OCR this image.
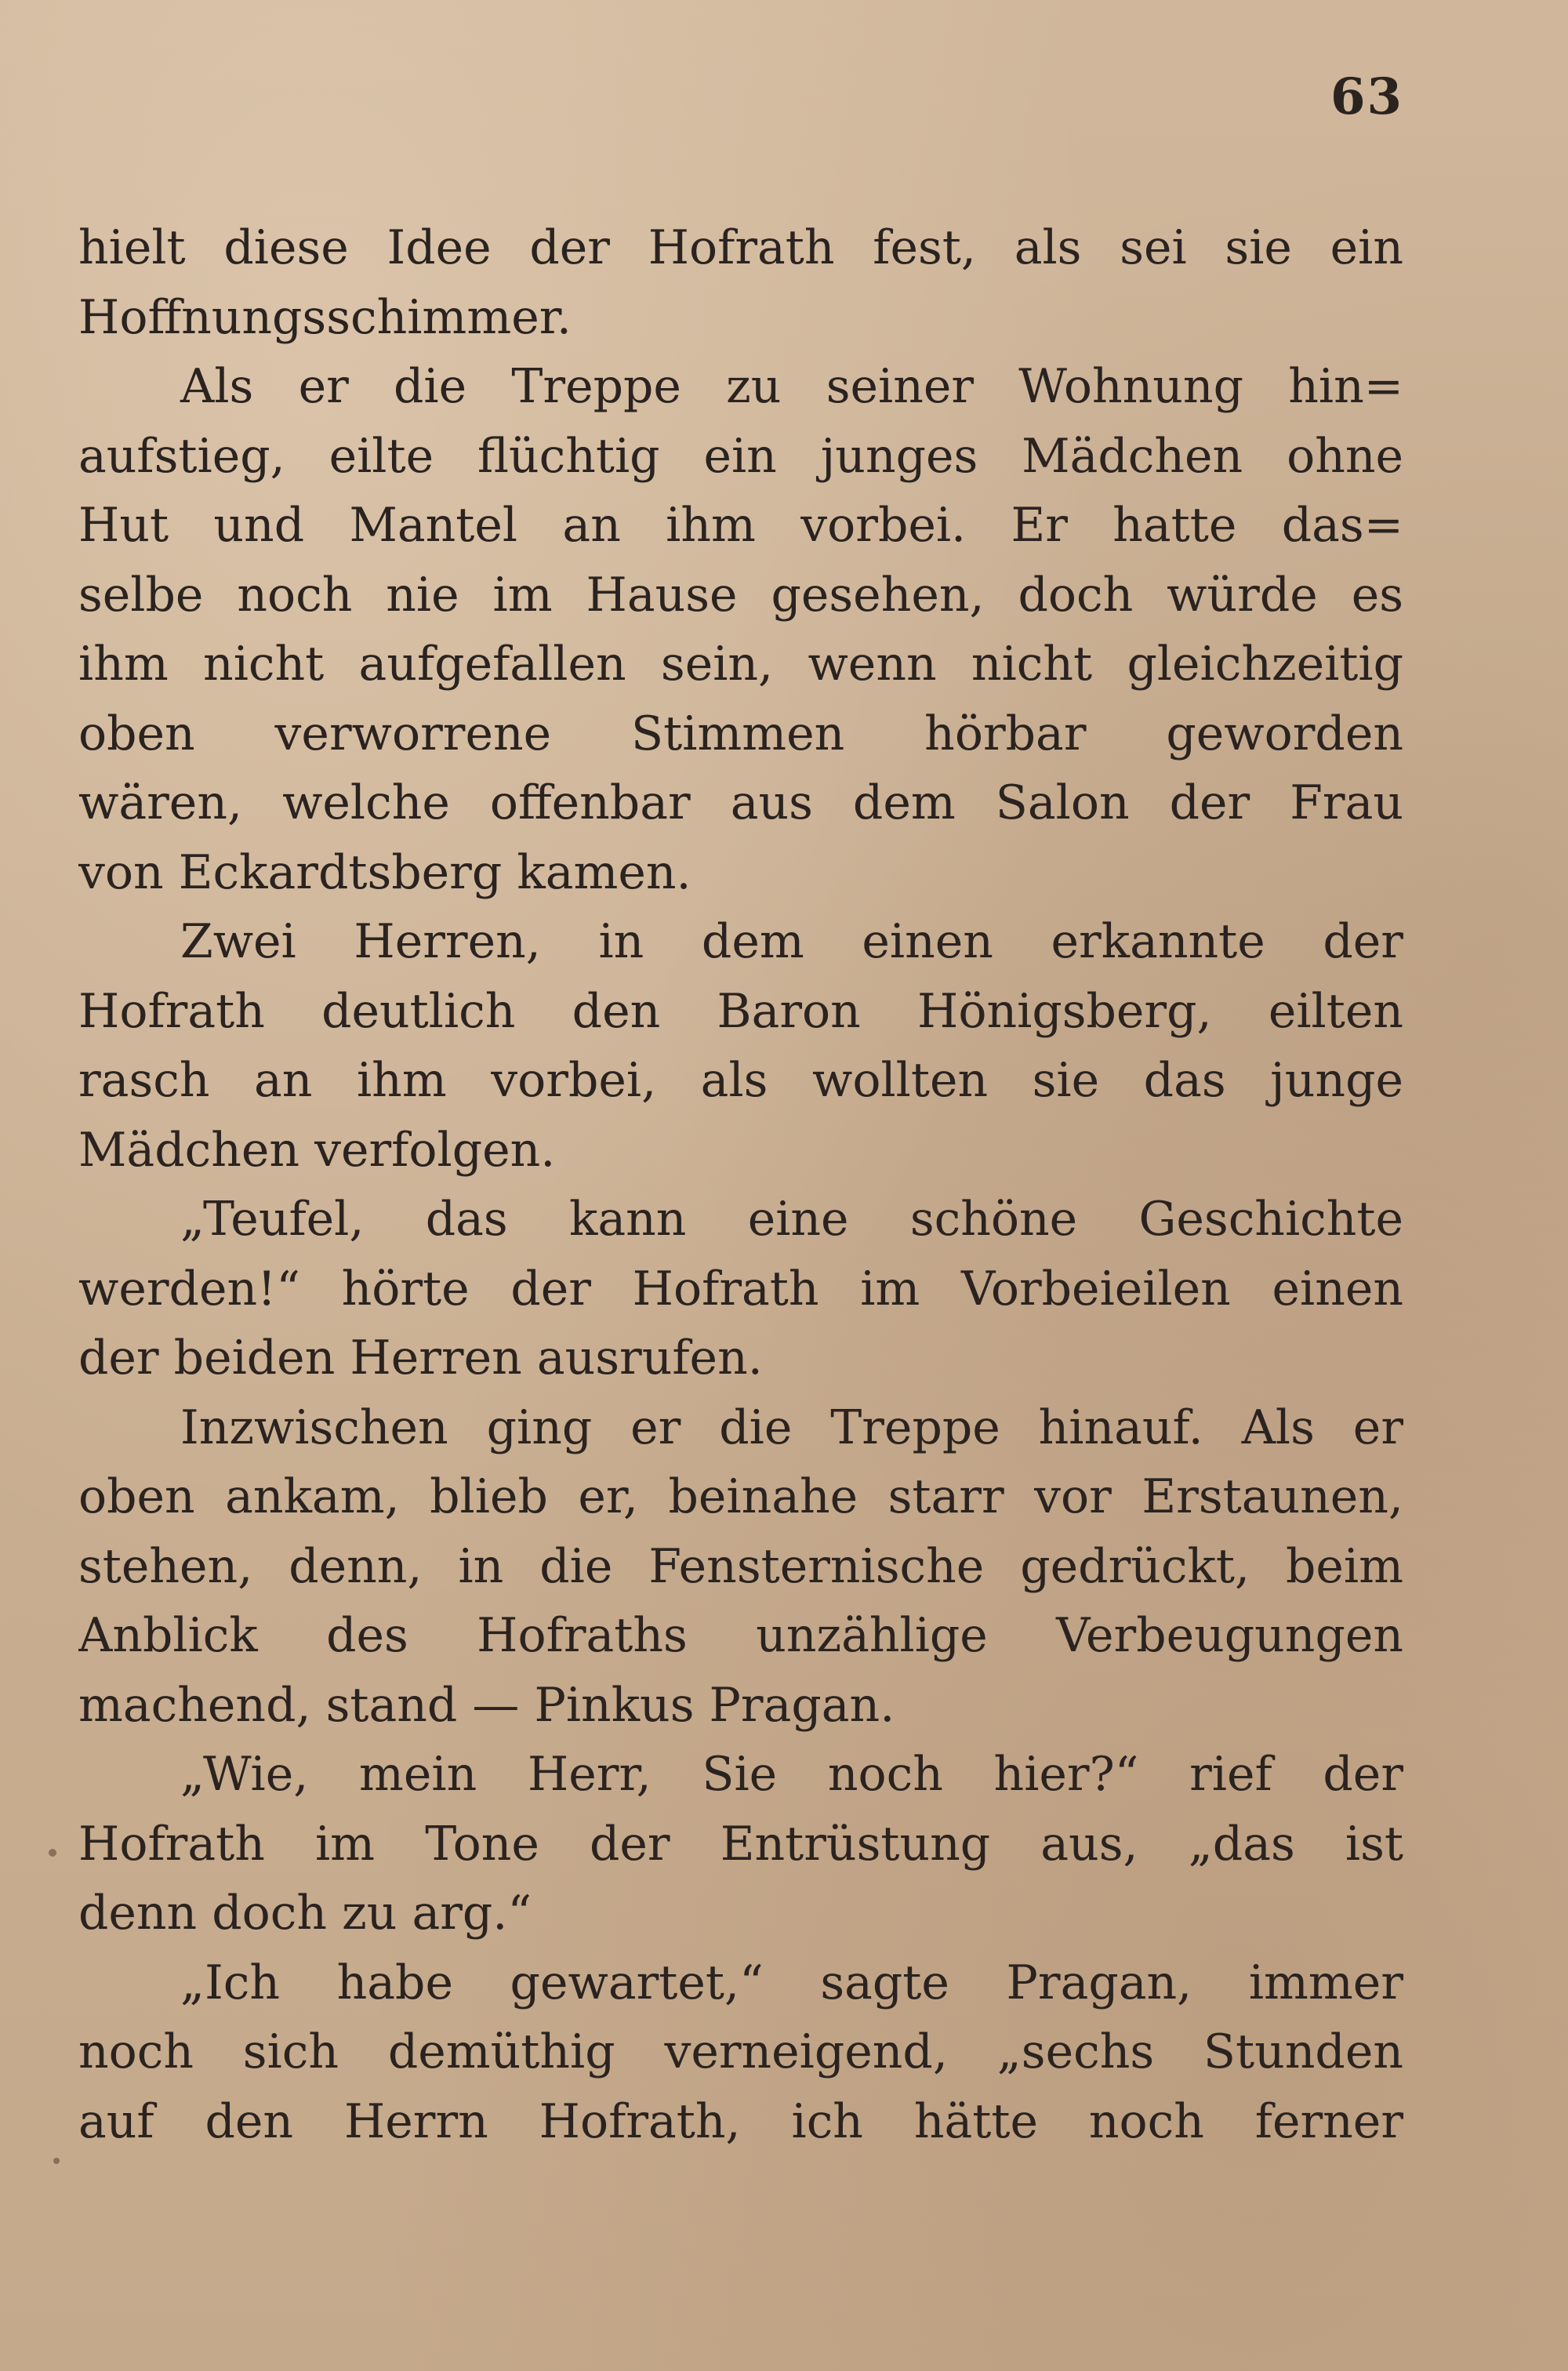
63
hielt diese Idee der Hofrath fest, als sei sie ein
Hoffnungsschimmer.
Als er die Treppe zu seiner Wohnung hin=
aufstieg, eilte flüchtig ein junges Mädchen ohne
Hut und Mantel an ihm vorbei. Er hatte das=
selbe noch nie im Hause gesehen, doch würde es
ihm nicht aufgefallen sein, wenn nicht gleichzeitig
oben verworrene Stimmen hörbar geworden
wären, welche offenbar aus dem Salon der Frau
von Eckardtsberg kamen.
Zwei Herren, in dem einen erkannte der
Hofrath deutlich den Baron Hönigsberg, eilten
rasch an ihm vorbei, als wollten sie das junge
Mädchen verfolgen.
„Teufel, das kann eine schöne Geschichte
werden!“ hörte der Hofrath im Vorbeieilen einen
der beiden Herren ausrufen.
Inzwischen ging er die Treppe hinauf. Als er
oben ankam, blieb er, beinahe starr vor Erstaunen,
stehen, denn, in die Fensternische gedrückt, beim
Anblick des Hofraths unzählige Verbeugungen
machend, stand — Pinkus Pragan.
„Wie, mein Herr, Sie noch hier?“ rief der
Hofrath im Tone der Entrüstung aus, „das ist
denn doch zu arg.“
„Ich habe gewartet,“ sagte Pragan, immer
noch sich demüthig verneigend, „sechs Stunden
auf den Herrn Hofrath, ich hätte noch ferner
